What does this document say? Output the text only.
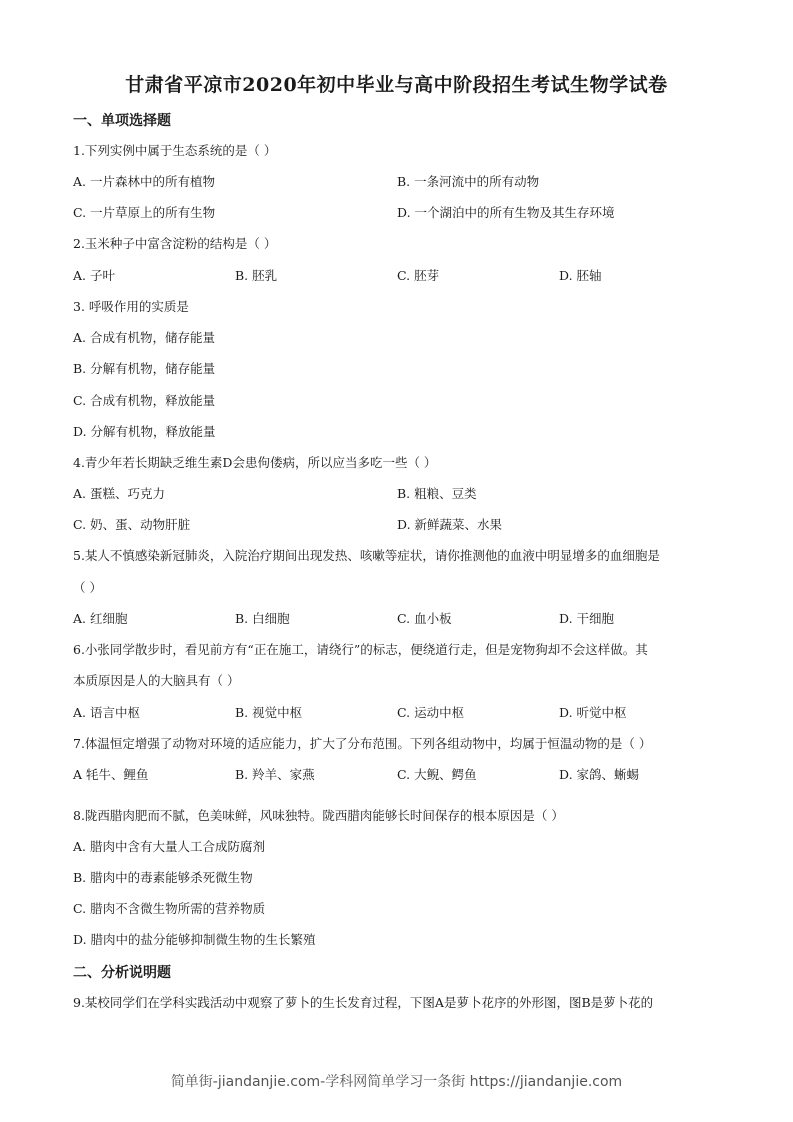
甘肃省平凉市2020年初中毕业与高中阶段招生考试生物学试卷
一、单项选择题
1.下列实例中属于生态系统的是（ ）
A. 一片森林中的所有植物	B. 一条河流中的所有动物
C. 一片草原上的所有生物	D. 一个湖泊中的所有生物及其生存环境
2.玉米种子中富含淀粉的结构是（ ）
A. 子叶	B. 胚乳	C. 胚芽	D. 胚轴
3. 呼吸作用的实质是
A. 合成有机物，储存能量
B. 分解有机物，储存能量
C. 合成有机物，释放能量
D. 分解有机物，释放能量
4.青少年若长期缺乏维生素D会患佝偻病，所以应当多吃一些（ ）
A. 蛋糕、巧克力	B. 粗粮、豆类
C. 奶、蛋、动物肝脏	D. 新鲜蔬菜、水果
5.某人不慎感染新冠肺炎，入院治疗期间出现发热、咳嗽等症状，请你推测他的血液中明显增多的血细胞是
（ ）
A. 红细胞	B. 白细胞	C. 血小板	D. 干细胞
6.小张同学散步时，看见前方有“正在施工，请绕行”的标志，便绕道行走，但是宠物狗却不会这样做。其
本质原因是人的大脑具有（ ）
A. 语言中枢	B. 视觉中枢	C. 运动中枢	D. 听觉中枢
7.体温恒定增强了动物对环境的适应能力，扩大了分布范围。下列各组动物中，均属于恒温动物的是（ ）
A 牦牛、鲤鱼	B. 羚羊、家燕	C. 大鲵、鳄鱼	D. 家鸽、蜥蜴
8.陇西腊肉肥而不腻，色美味鲜，风味独特。陇西腊肉能够长时间保存的根本原因是（ ）
A. 腊肉中含有大量人工合成防腐剂
B. 腊肉中的毒素能够杀死微生物
C. 腊肉不含微生物所需的营养物质
D. 腊肉中的盐分能够抑制微生物的生长繁殖
二、分析说明题
9.某校同学们在学科实践活动中观察了萝卜的生长发育过程，下图A是萝卜花序的外形图，图B是萝卜花的
简单街-jiandanjie.com-学科网简单学习一条街 https://jiandanjie.com
